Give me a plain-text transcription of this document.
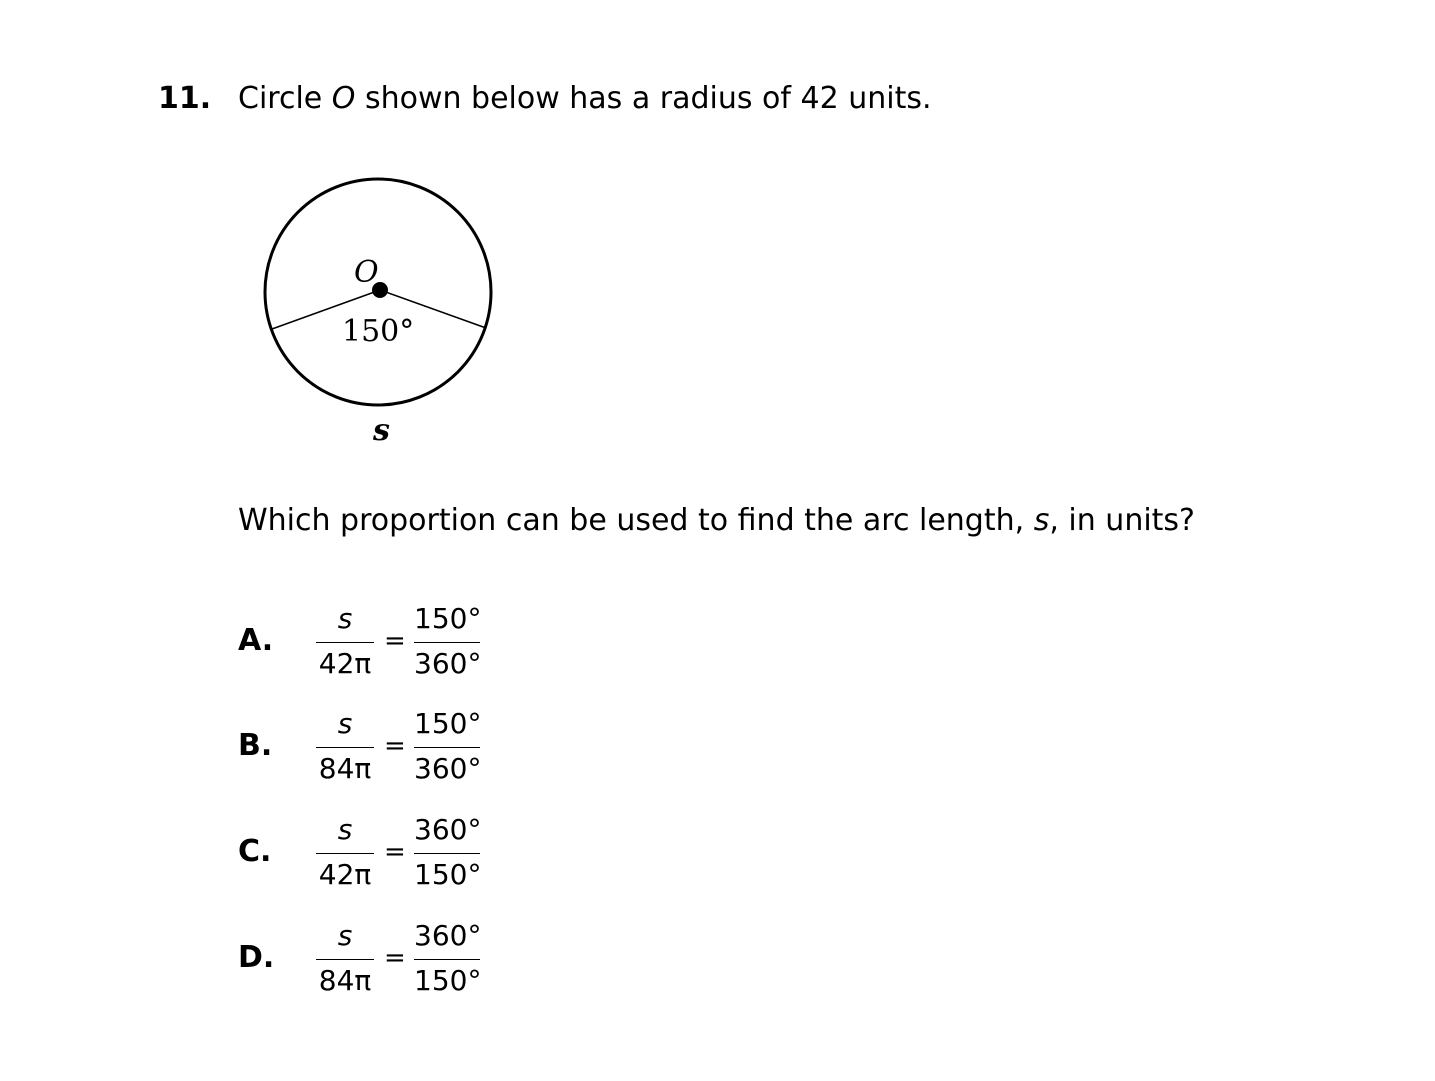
11. Circle O shown below has a radius of 42 units.
O
150°
s
Which proportion can be used to find the arc length, s, in units?
A.
s
42π
=
150°
360°
B.
s
84π
=
150°
360°
C.
s
42π
=
360°
150°
D.
s
84π
=
360°
150°
